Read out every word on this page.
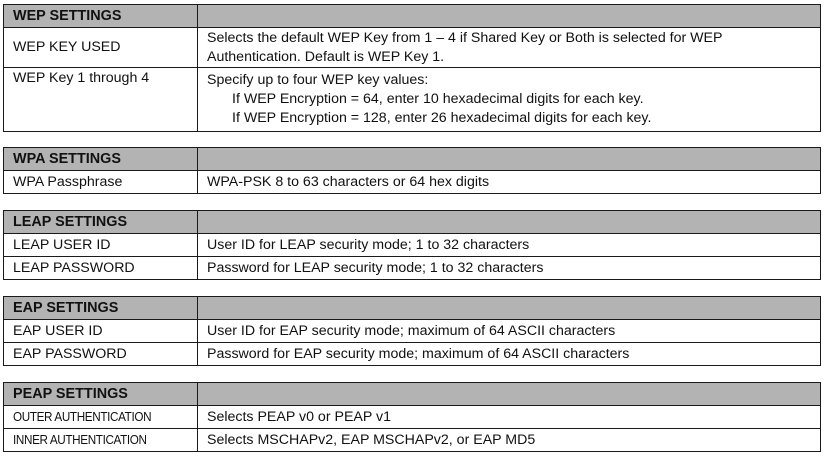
WEP SETTINGS	
WEP KEY USED	Selects the default WEP Key from 1 – 4 if Shared Key or Both is selected for WEP
Authentication. Default is WEP Key 1.

WEP Key 1 through 4	Specify up to four WEP key values:
If WEP Encryption = 64, enter 10 hexadecimal digits for each key.
If WEP Encryption = 128, enter 26 hexadecimal digits for each key.
WPA SETTINGS	
WPA Passphrase	WPA-PSK 8 to 63 characters or 64 hex digits
LEAP SETTINGS	
LEAP USER ID	User ID for LEAP security mode; 1 to 32 characters
LEAP PASSWORD	Password for LEAP security mode; 1 to 32 characters
EAP SETTINGS	
EAP USER ID	User ID for EAP security mode; maximum of 64 ASCII characters
EAP PASSWORD	Password for EAP security mode; maximum of 64 ASCII characters
PEAP SETTINGS	
OUTER AUTHENTICATION	Selects PEAP v0 or PEAP v1
INNER AUTHENTICATION	Selects MSCHAPv2, EAP MSCHAPv2, or EAP MD5
